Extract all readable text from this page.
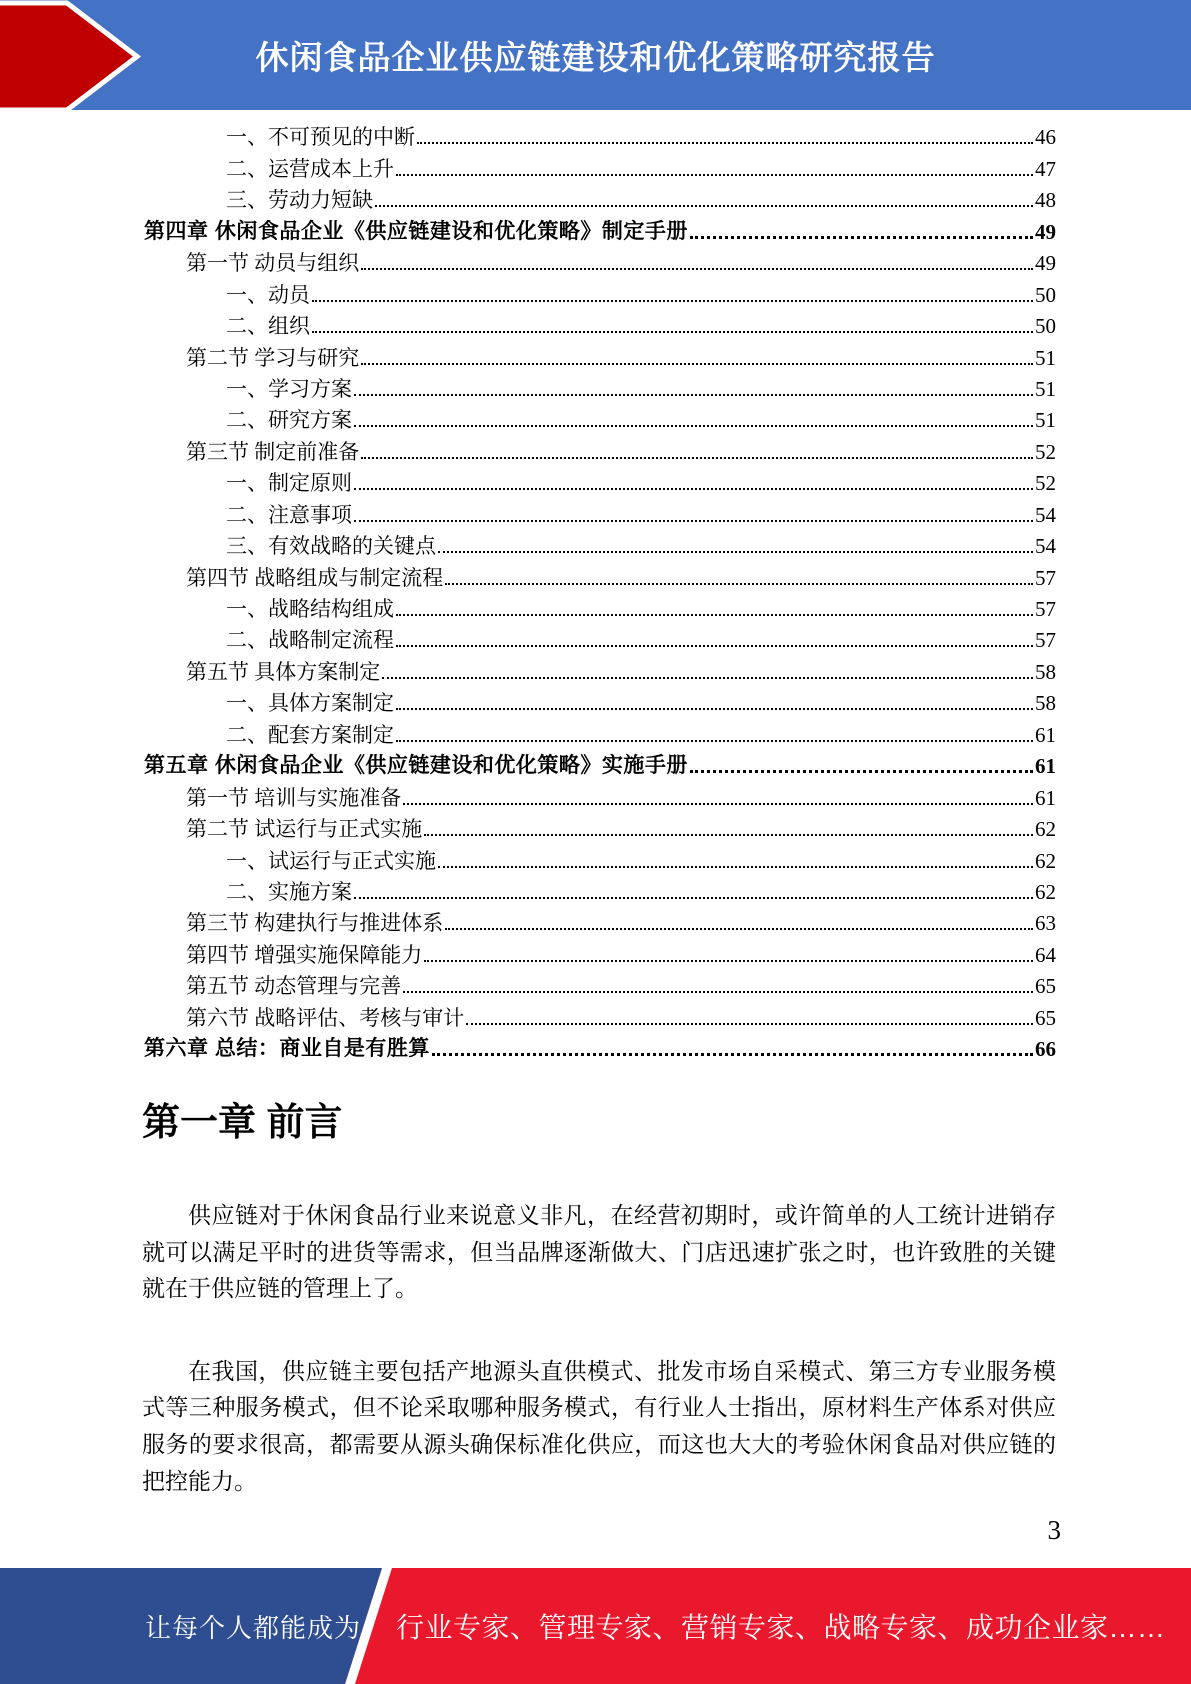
休闲食品企业供应链建设和优化策略研究报告
一、不可预见的中断	46
二、运营成本上升	47
三、劳动力短缺	48
第四章 休闲食品企业《供应链建设和优化策略》制定手册	49
第一节 动员与组织	49
一、动员	50
二、组织	50
第二节 学习与研究	51
一、学习方案	51
二、研究方案	51
第三节 制定前准备	52
一、制定原则	52
二、注意事项	54
三、有效战略的关键点	54
第四节 战略组成与制定流程	57
一、战略结构组成	57
二、战略制定流程	57
第五节 具体方案制定	58
一、具体方案制定	58
二、配套方案制定	61
第五章 休闲食品企业《供应链建设和优化策略》实施手册	61
第一节 培训与实施准备	61
第二节 试运行与正式实施	62
一、试运行与正式实施	62
二、实施方案	62
第三节 构建执行与推进体系	63
第四节 增强实施保障能力	64
第五节 动态管理与完善	65
第六节 战略评估、考核与审计	65
第六章 总结：商业自是有胜算	66
第一章 前言

供应链对于休闲食品行业来说意义非凡，在经营初期时，或许简单的人工统计进销存就可以满足平时的进货等需求，但当品牌逐渐做大、门店迅速扩张之时，也许致胜的关键就在于供应链的管理上了。

在我国，供应链主要包括产地源头直供模式、批发市场自采模式、第三方专业服务模式等三种服务模式，但不论采取哪种服务模式，有行业人士指出，原材料生产体系对供应服务的要求很高，都需要从源头确保标准化供应，而这也大大的考验休闲食品对供应链的把控能力。

3
让每个人都能成为 行业专家、管理专家、营销专家、战略专家、成功企业家……
